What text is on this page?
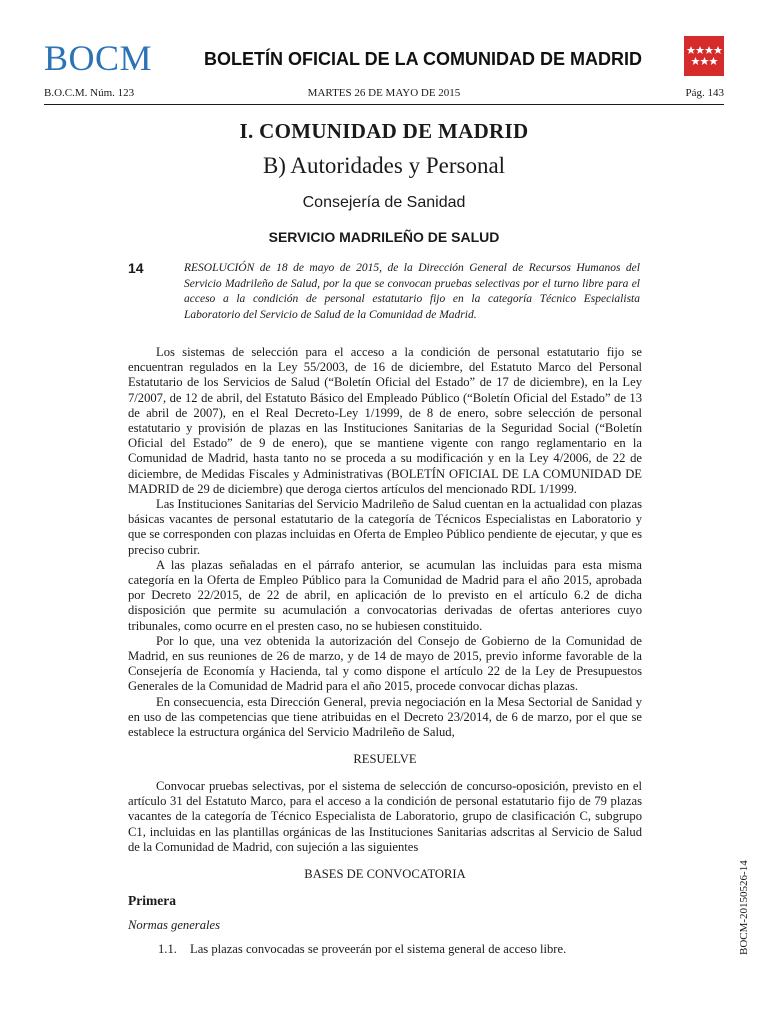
BOCM	BOLETÍN OFICIAL DE LA COMUNIDAD DE MADRID
B.O.C.M. Núm. 123	MARTES 26 DE MAYO DE 2015	Pág. 143
I. COMUNIDAD DE MADRID
B) Autoridades y Personal
Consejería de Sanidad
SERVICIO MADRILEÑO DE SALUD
14	RESOLUCIÓN de 18 de mayo de 2015, de la Dirección General de Recursos Humanos del Servicio Madrileño de Salud, por la que se convocan pruebas selectivas por el turno libre para el acceso a la condición de personal estatutario fijo en la categoría Técnico Especialista Laboratorio del Servicio de Salud de la Comunidad de Madrid.

Los sistemas de selección para el acceso a la condición de personal estatutario fijo se encuentran regulados en la Ley 55/2003, de 16 de diciembre, del Estatuto Marco del Personal Estatutario de los Servicios de Salud (“Boletín Oficial del Estado” de 17 de diciembre), en la Ley 7/2007, de 12 de abril, del Estatuto Básico del Empleado Público (“Boletín Oficial del Estado” de 13 de abril de 2007), en el Real Decreto-Ley 1/1999, de 8 de enero, sobre selección de personal estatutario y provisión de plazas en las Instituciones Sanitarias de la Seguridad Social (“Boletín Oficial del Estado” de 9 de enero), que se mantiene vigente con rango reglamentario en la Comunidad de Madrid, hasta tanto no se proceda a su modificación y en la Ley 4/2006, de 22 de diciembre, de Medidas Fiscales y Administrativas (BOLETÍN OFICIAL DE LA COMUNIDAD DE MADRID de 29 de diciembre) que deroga ciertos artículos del mencionado RDL 1/1999.

Las Instituciones Sanitarias del Servicio Madrileño de Salud cuentan en la actualidad con plazas básicas vacantes de personal estatutario de la categoría de Técnicos Especialistas en Laboratorio y que se corresponden con plazas incluidas en Oferta de Empleo Público pendiente de ejecutar, y que es preciso cubrir.

A las plazas señaladas en el párrafo anterior, se acumulan las incluidas para esta misma categoría en la Oferta de Empleo Público para la Comunidad de Madrid para el año 2015, aprobada por Decreto 22/2015, de 22 de abril, en aplicación de lo previsto en el artículo 6.2 de dicha disposición que permite su acumulación a convocatorias derivadas de ofertas anteriores cuyo tribunales, como ocurre en el presten caso, no se hubiesen constituido.

Por lo que, una vez obtenida la autorización del Consejo de Gobierno de la Comunidad de Madrid, en sus reuniones de 26 de marzo, y de 14 de mayo de 2015, previo informe favorable de la Consejería de Economía y Hacienda, tal y como dispone el artículo 22 de la Ley de Presupuestos Generales de la Comunidad de Madrid para el año 2015, procede convocar dichas plazas.

En consecuencia, esta Dirección General, previa negociación en la Mesa Sectorial de Sanidad y en uso de las competencias que tiene atribuidas en el Decreto 23/2014, de 6 de marzo, por el que se establece la estructura orgánica del Servicio Madrileño de Salud,

RESUELVE

Convocar pruebas selectivas, por el sistema de selección de concurso-oposición, previsto en el artículo 31 del Estatuto Marco, para el acceso a la condición de personal estatutario fijo de 79 plazas vacantes de la categoría de Técnico Especialista de Laboratorio, grupo de clasificación C, subgrupo C1, incluidas en las plantillas orgánicas de las Instituciones Sanitarias adscritas al Servicio de Salud de la Comunidad de Madrid, con sujeción a las siguientes

BASES DE CONVOCATORIA
Primera
Normas generales
1.1. Las plazas convocadas se proveerán por el sistema general de acceso libre.	BOCM-20150526-14
